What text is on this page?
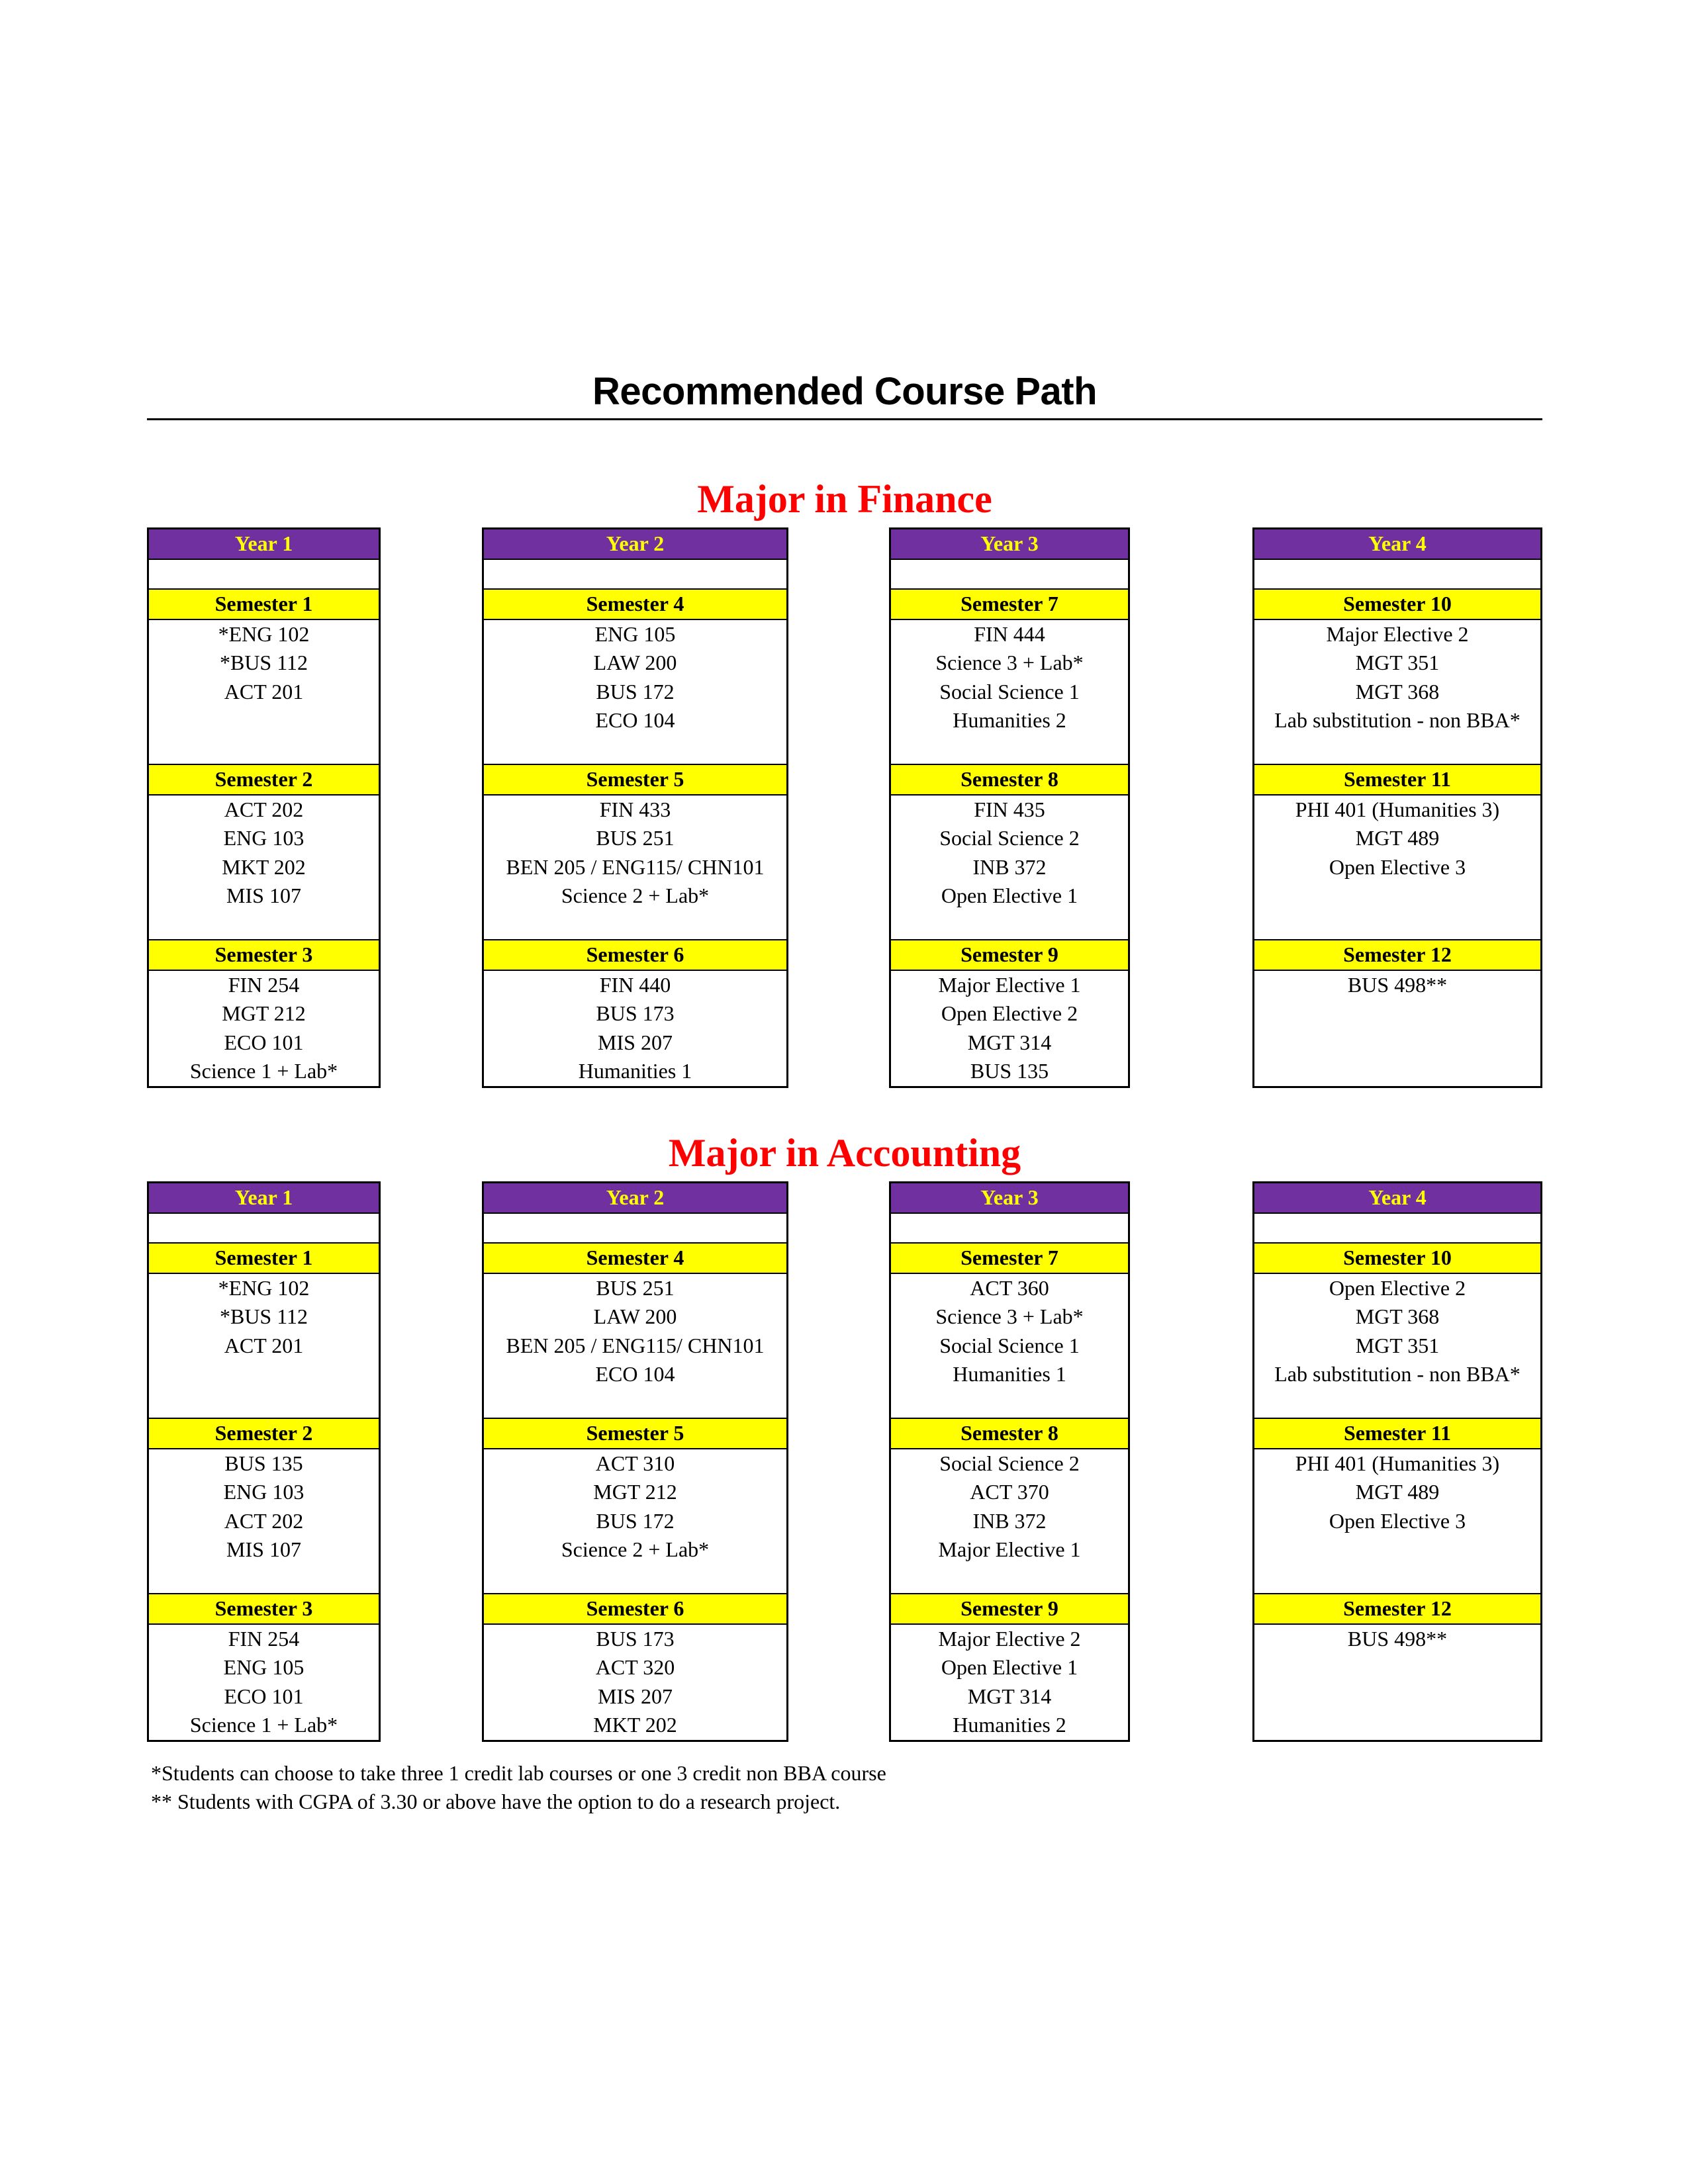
Recommended Course Path
Major in Finance
Year 1
Semester 1
*ENG 102
*BUS 112
ACT 201
Semester 2
ACT 202
ENG 103
MKT 202
MIS 107
Semester 3
FIN 254
MGT 212
ECO 101
Science 1 + Lab*
Year 2
Semester 4
ENG 105
LAW 200
BUS 172
ECO 104
Semester 5
FIN 433
BUS 251
BEN 205 / ENG115/ CHN101
Science 2 + Lab*
Semester 6
FIN 440
BUS 173
MIS 207
Humanities 1
Year 3
Semester 7
FIN 444
Science 3 + Lab*
Social Science 1
Humanities 2
Semester 8
FIN 435
Social Science 2
INB 372
Open Elective 1
Semester 9
Major Elective 1
Open Elective 2
MGT 314
BUS 135
Year 4
Semester 10
Major Elective 2
MGT 351
MGT 368
Lab substitution - non BBA*
Semester 11
PHI 401 (Humanities 3)
MGT 489
Open Elective 3
Semester 12
BUS 498**
Major in Accounting
Year 1
Semester 1
*ENG 102
*BUS 112
ACT 201
Semester 2
BUS 135
ENG 103
ACT 202
MIS 107
Semester 3
FIN 254
ENG 105
ECO 101
Science 1 + Lab*
Year 2
Semester 4
BUS 251
LAW 200
BEN 205 / ENG115/ CHN101
ECO 104
Semester 5
ACT 310
MGT 212
BUS 172
Science 2 + Lab*
Semester 6
BUS 173
ACT 320
MIS 207
MKT 202
Year 3
Semester 7
ACT 360
Science 3 + Lab*
Social Science 1
Humanities 1
Semester 8
Social Science 2
ACT 370
INB 372
Major Elective 1
Semester 9
Major Elective 2
Open Elective 1
MGT 314
Humanities 2
Year 4
Semester 10
Open Elective 2
MGT 368
MGT 351
Lab substitution - non BBA*
Semester 11
PHI 401 (Humanities 3)
MGT 489
Open Elective 3
Semester 12
BUS 498**
*Students can choose to take three 1 credit lab courses or one 3 credit non BBA course
** Students with CGPA of 3.30 or above have the option to do a research project.
